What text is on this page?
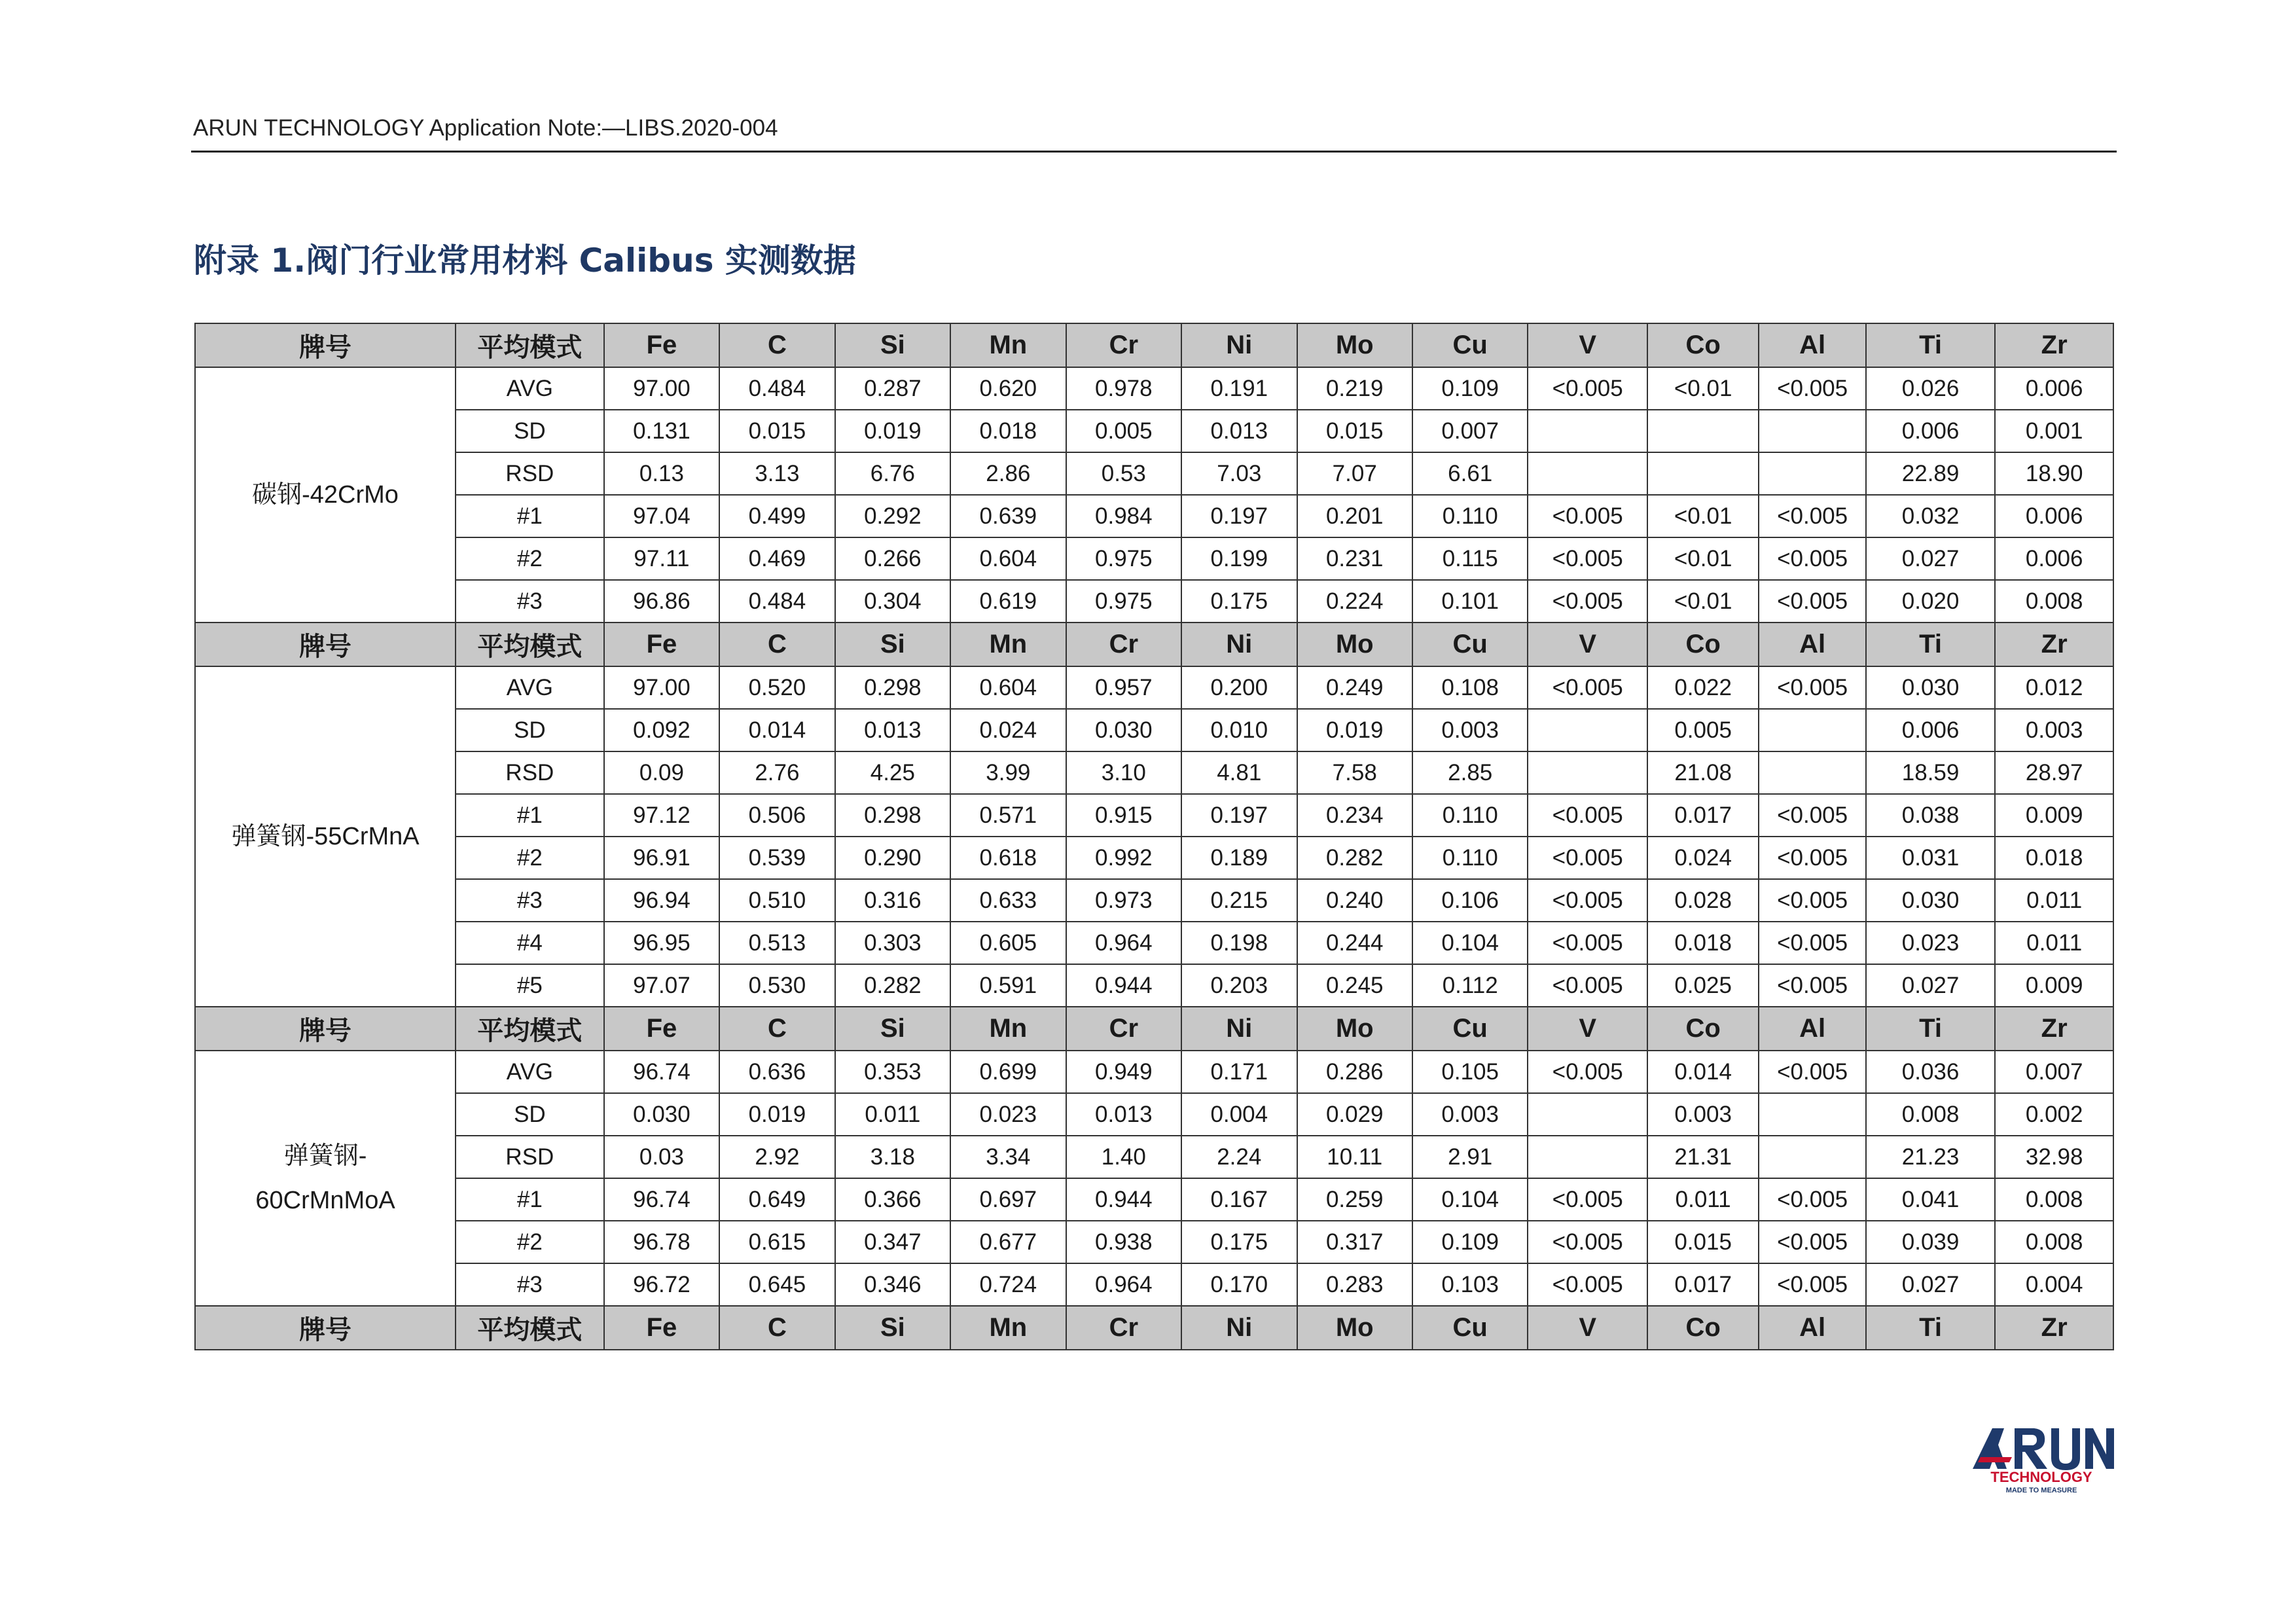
ARUN TECHNOLOGY Application Note:—LIBS.2020-004
附录 1.阀门行业常用材料 Calibus 实测数据
牌号	平均模式	Fe	C	Si	Mn	Cr	Ni	Mo	Cu	V	Co	Al	Ti	Zr
碳钢-42CrMo	AVG	97.00	0.484	0.287	0.620	0.978	0.191	0.219	0.109	<0.005	<0.01	<0.005	0.026	0.006
	SD	0.131	0.015	0.019	0.018	0.005	0.013	0.015	0.007				0.006	0.001
	RSD	0.13	3.13	6.76	2.86	0.53	7.03	7.07	6.61				22.89	18.90
	#1	97.04	0.499	0.292	0.639	0.984	0.197	0.201	0.110	<0.005	<0.01	<0.005	0.032	0.006
	#2	97.11	0.469	0.266	0.604	0.975	0.199	0.231	0.115	<0.005	<0.01	<0.005	0.027	0.006
	#3	96.86	0.484	0.304	0.619	0.975	0.175	0.224	0.101	<0.005	<0.01	<0.005	0.020	0.008
牌号	平均模式	Fe	C	Si	Mn	Cr	Ni	Mo	Cu	V	Co	Al	Ti	Zr
弹簧钢-55CrMnA	AVG	97.00	0.520	0.298	0.604	0.957	0.200	0.249	0.108	<0.005	0.022	<0.005	0.030	0.012
	SD	0.092	0.014	0.013	0.024	0.030	0.010	0.019	0.003		0.005		0.006	0.003
	RSD	0.09	2.76	4.25	3.99	3.10	4.81	7.58	2.85		21.08		18.59	28.97
	#1	97.12	0.506	0.298	0.571	0.915	0.197	0.234	0.110	<0.005	0.017	<0.005	0.038	0.009
	#2	96.91	0.539	0.290	0.618	0.992	0.189	0.282	0.110	<0.005	0.024	<0.005	0.031	0.018
	#3	96.94	0.510	0.316	0.633	0.973	0.215	0.240	0.106	<0.005	0.028	<0.005	0.030	0.011
	#4	96.95	0.513	0.303	0.605	0.964	0.198	0.244	0.104	<0.005	0.018	<0.005	0.023	0.011
	#5	97.07	0.530	0.282	0.591	0.944	0.203	0.245	0.112	<0.005	0.025	<0.005	0.027	0.009
牌号	平均模式	Fe	C	Si	Mn	Cr	Ni	Mo	Cu	V	Co	Al	Ti	Zr

弹簧钢-
60CrMnMoA	AVG	96.74	0.636	0.353	0.699	0.949	0.171	0.286	0.105	<0.005	0.014	<0.005	0.036	0.007
	SD	0.030	0.019	0.011	0.023	0.013	0.004	0.029	0.003		0.003		0.008	0.002
	RSD	0.03	2.92	3.18	3.34	1.40	2.24	10.11	2.91		21.31		21.23	32.98
	#1	96.74	0.649	0.366	0.697	0.944	0.167	0.259	0.104	<0.005	0.011	<0.005	0.041	0.008
	#2	96.78	0.615	0.347	0.677	0.938	0.175	0.317	0.109	<0.005	0.015	<0.005	0.039	0.008
	#3	96.72	0.645	0.346	0.724	0.964	0.170	0.283	0.103	<0.005	0.017	<0.005	0.027	0.004
牌号	平均模式	Fe	C	Si	Mn	Cr	Ni	Mo	Cu	V	Co	Al	Ti	Zr
TECHNOLOGY
MADE TO MEASURE
